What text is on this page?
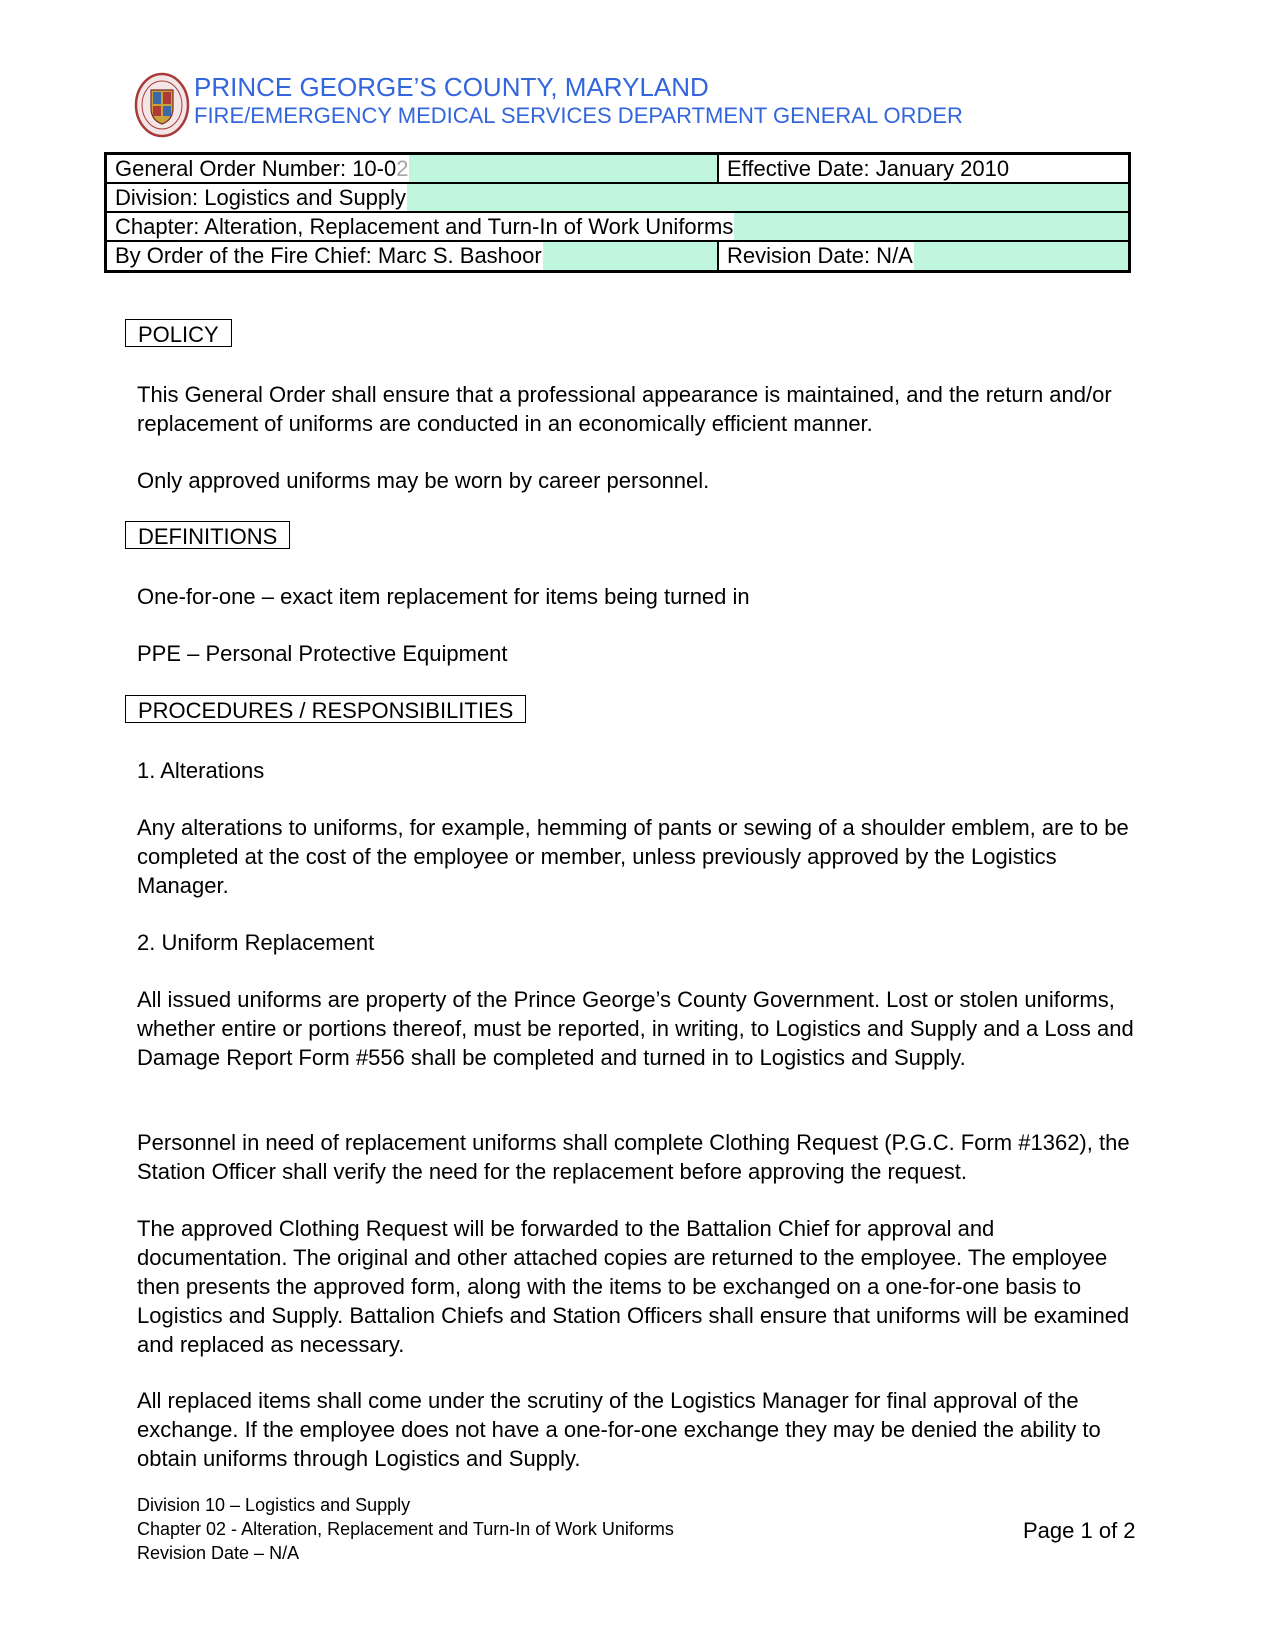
PRINCE GEORGE’S COUNTY, MARYLAND
FIRE/EMERGENCY MEDICAL SERVICES DEPARTMENT GENERAL ORDER
General Order Number: 10-0 2	Effective Date: January 2010
Division: Logistics and Supply
Chapter: Alteration, Replacement and Turn-In of Work Uniforms
By Order of the Fire Chief: Marc S. Bashoor	Revision Date: N/A
POLICY

This General Order shall ensure that a professional appearance is maintained, and the return and/or replacement of uniforms are conducted in an economically efficient manner.

Only approved uniforms may be worn by career personnel.

DEFINITIONS

One-for-one – exact item replacement for items being turned in

PPE – Personal Protective Equipment

PROCEDURES / RESPONSIBILITIES

1. Alterations

Any alterations to uniforms, for example, hemming of pants or sewing of a shoulder emblem, are to be completed at the cost of the employee or member, unless previously approved by the Logistics Manager.

2. Uniform Replacement

All issued uniforms are property of the Prince George’s County Government. Lost or stolen uniforms, whether entire or portions thereof, must be reported, in writing, to Logistics and Supply and a Loss and Damage Report Form #556 shall be completed and turned in to Logistics and Supply.

Personnel in need of replacement uniforms shall complete Clothing Request (P.G.C. Form #1362), the Station Officer shall verify the need for the replacement before approving the request.

The approved Clothing Request will be forwarded to the Battalion Chief for approval and documentation. The original and other attached copies are returned to the employee. The employee then presents the approved form, along with the items to be exchanged on a one-for-one basis to Logistics and Supply. Battalion Chiefs and Station Officers shall ensure that uniforms will be examined and replaced as necessary.

All replaced items shall come under the scrutiny of the Logistics Manager for final approval of the exchange. If the employee does not have a one-for-one exchange they may be denied the ability to obtain uniforms through Logistics and Supply.

Division 10 – Logistics and Supply
Chapter 02 - Alteration, Replacement and Turn-In of Work Uniforms
Revision Date – N/A
Page 1 of 2
